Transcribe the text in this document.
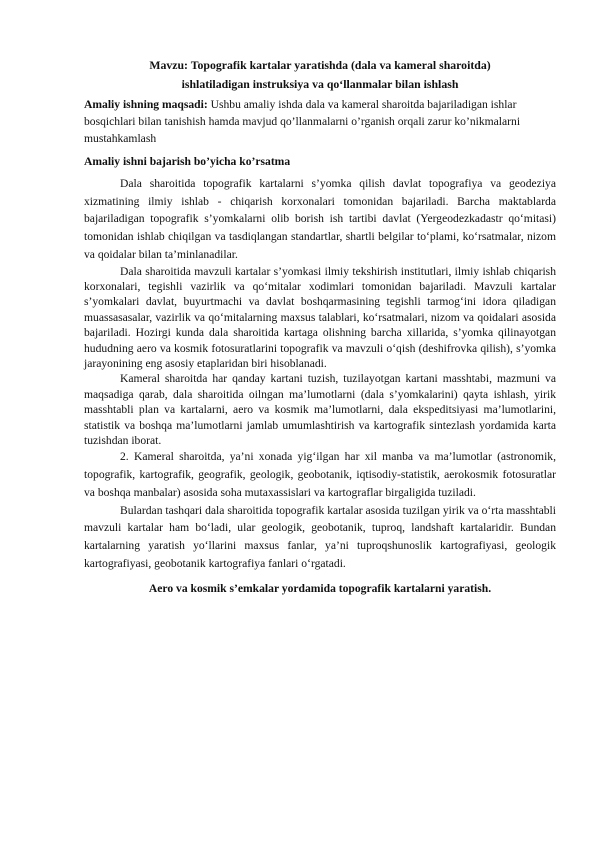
Mavzu: Topografik kartalar yaratishda (dala va kameral sharoitda)
ishlatiladigan instruksiya va qo‘llanmalar bilan ishlash

Amaliy ishning maqsadi: Ushbu amaliy ishda dala va kameral sharoitda bajariladigan ishlar bosqichlari bilan tanishish hamda mavjud qo’llanmalarni o’rganish orqali zarur ko’nikmalarni mustahkamlash

Amaliy ishni bajarish bo’yicha ko’rsatma

Dala sharoitida topografik kartalarni s’yomka qilish davlat topografiya va geodeziya xizmatining ilmiy ishlab - chiqarish korxonalari tomonidan bajariladi. Barcha maktablarda bajariladigan topografik s’yomkalarni olib borish ish tartibi davlat (Yergeodezkadastr qo‘mitasi) tomonidan ishlab chiqilgan va tasdiqlangan standartlar, shartli belgilar to‘plami, ko‘rsatmalar, nizom va qoidalar bilan ta’minlanadilar.

Dala sharoitida mavzuli kartalar s’yomkasi ilmiy tekshirish institutlari, ilmiy ishlab chiqarish korxonalari, tegishli vazirlik va qo‘mitalar xodimlari tomonidan bajariladi. Mavzuli kartalar s’yomkalari davlat, buyurtmachi va davlat boshqarmasining tegishli tarmog‘ini idora qiladigan muassasasalar, vazirlik va qo‘mitalarning maxsus talablari, ko‘rsatmalari, nizom va qoidalari asosida bajariladi. Hozirgi kunda dala sharoitida kartaga olishning barcha xillarida, s’yomka qilinayotgan hududning aero va kosmik fotosuratlarini topografik va mavzuli o‘qish (deshifrovka qilish), s’yomka jarayonining eng asosiy etaplaridan biri hisoblanadi.

Kameral sharoitda har qanday kartani tuzish, tuzilayotgan kartani masshtabi, mazmuni va maqsadiga qarab, dala sharoitida oilngan ma’lumotlarni (dala s’yomkalarini) qayta ishlash, yirik masshtabli plan va kartalarni, aero va kosmik ma’lumotlarni, dala ekspeditsiyasi ma’lumotlarini, statistik va boshqa ma’lumotlarni jamlab umumlashtirish va kartografik sintezlash yordamida karta tuzishdan iborat.

2. Kameral sharoitda, ya’ni xonada yig‘ilgan har xil manba va ma’lumotlar (astronomik, topografik, kartografik, geografik, geologik, geobotanik, iqtisodiy-statistik, aerokosmik fotosuratlar va boshqa manbalar) asosida soha mutaxassislari va kartograflar birgaligida tuziladi.

Bulardan tashqari dala sharoitida topografik kartalar asosida tuzilgan yirik va o‘rta masshtabli mavzuli kartalar ham bo‘ladi, ular geologik, geobotanik, tuproq, landshaft kartalaridir. Bundan kartalarning yaratish yo‘llarini maxsus fanlar, ya’ni tuproqshunoslik kartografiyasi, geologik kartografiyasi, geobotanik kartografiya fanlari o‘rgatadi.

Aero va kosmik s’emkalar yordamida topografik kartalarni yaratish.
